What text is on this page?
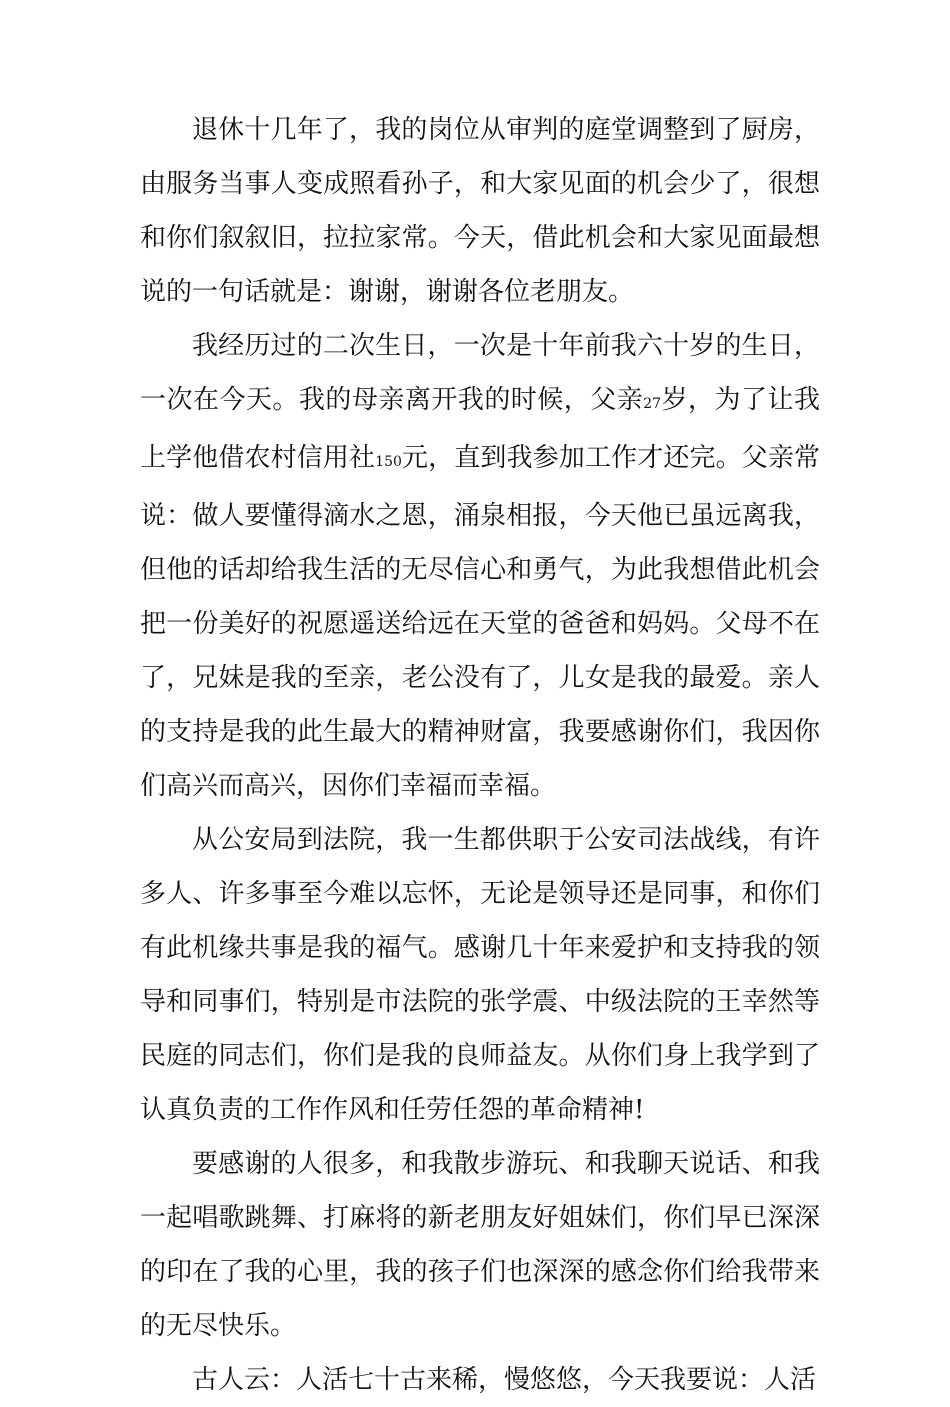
退休十几年了，我的岗位从审判的庭堂调整到了厨房，由服务当事人变成照看孙子，和大家见面的机会少了，很想和你们叙叙旧，拉拉家常。今天，借此机会和大家见面最想说的一句话就是：谢谢，谢谢各位老朋友。

我经历过的二次生日，一次是十年前我六十岁的生日，一次在今天。我的母亲离开我的时候，父亲27岁，为了让我上学他借农村信用社150元，直到我参加工作才还完。父亲常说：做人要懂得滴水之恩，涌泉相报，今天他已虽远离我，但他的话却给我生活的无尽信心和勇气，为此我想借此机会把一份美好的祝愿遥送给远在天堂的爸爸和妈妈。父母不在了，兄妹是我的至亲，老公没有了，儿女是我的最爱。亲人的支持是我的此生最大的精神财富，我要感谢你们，我因你们高兴而高兴，因你们幸福而幸福。

从公安局到法院，我一生都供职于公安司法战线，有许多人、许多事至今难以忘怀，无论是领导还是同事，和你们有此机缘共事是我的福气。感谢几十年来爱护和支持我的领导和同事们，特别是市法院的张学震、中级法院的王幸然等民庭的同志们，你们是我的良师益友。从你们身上我学到了认真负责的工作作风和任劳任怨的革命精神!

要感谢的人很多，和我散步游玩、和我聊天说话、和我一起唱歌跳舞、打麻将的新老朋友好姐妹们，你们早已深深的印在了我的心里，我的孩子们也深深的感念你们给我带来的无尽快乐。

古人云：人活七十古来稀，慢悠悠，今天我要说：人活
